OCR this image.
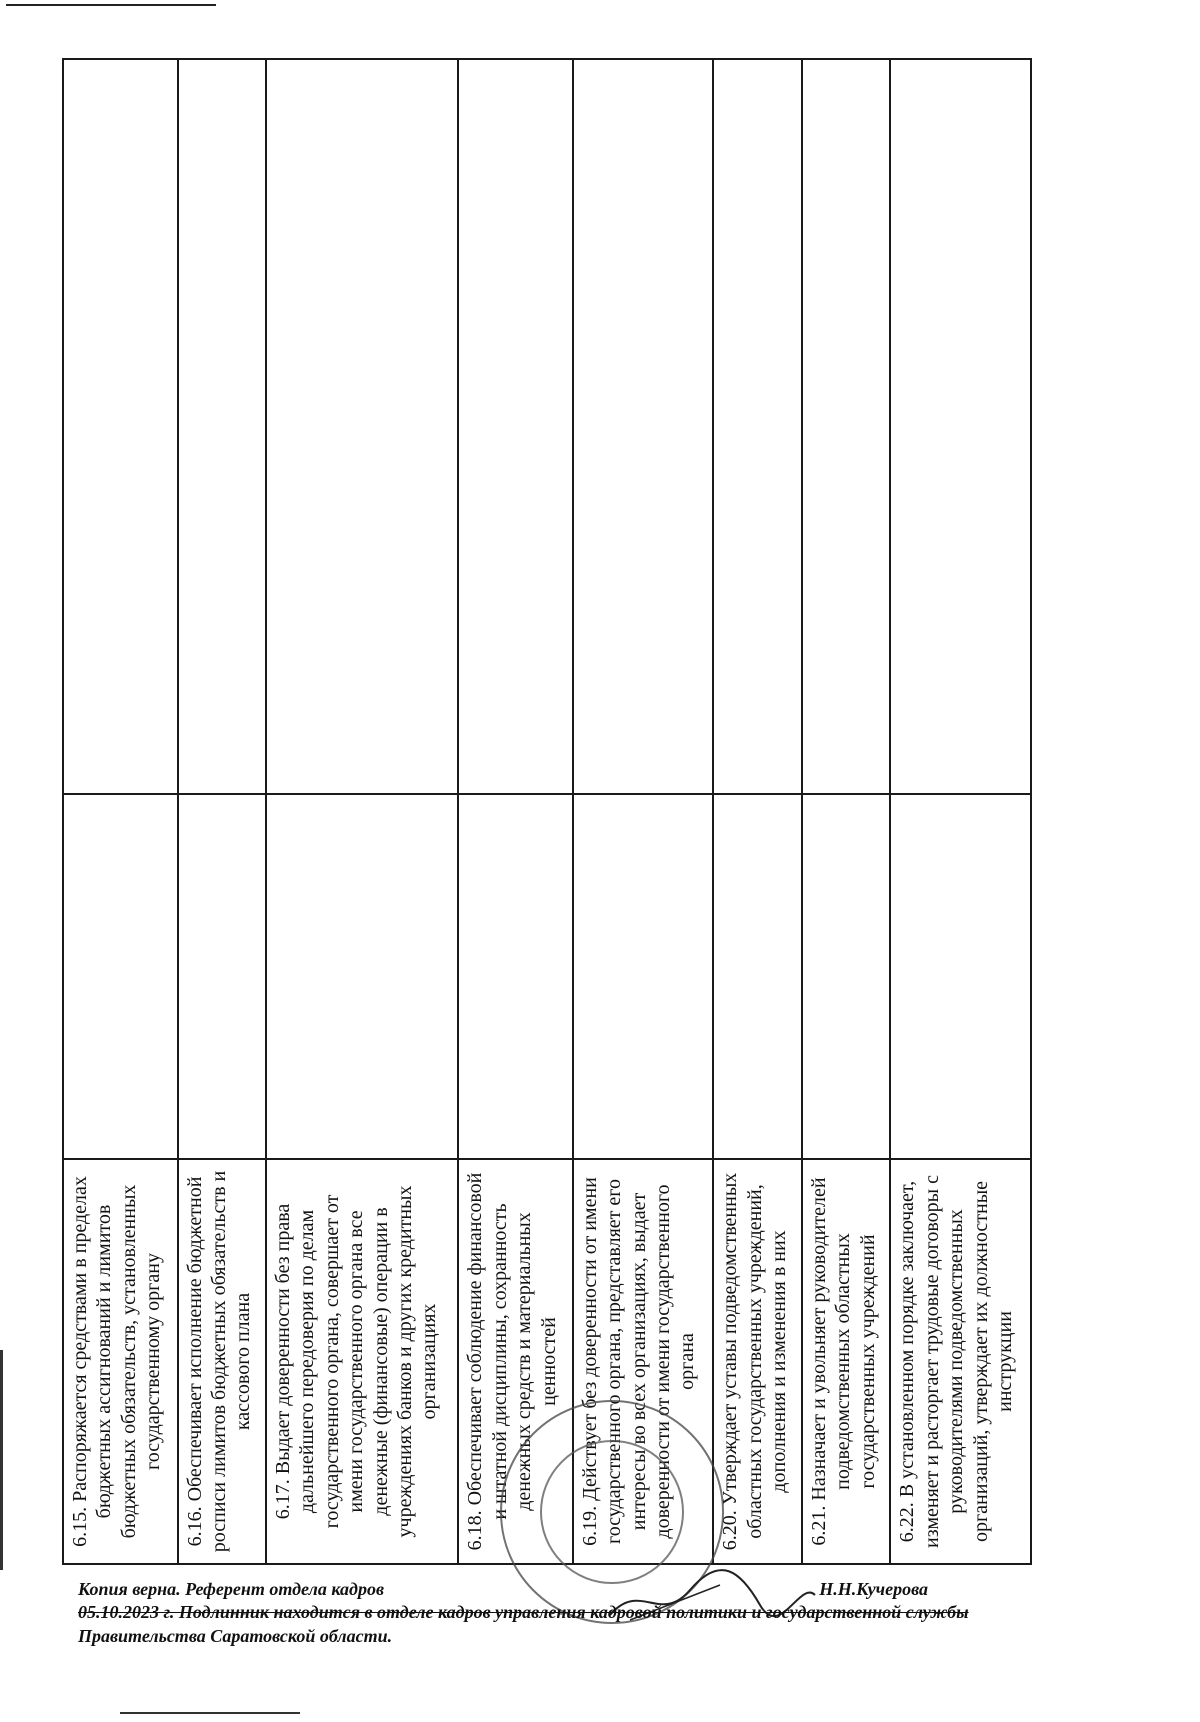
6.15. Распоряжается средствами в пределах бюджетных ассигнований и лимитов бюджетных обязательств, установленных государственному органу		
6.16. Обеспечивает исполнение бюджетной росписи лимитов бюджетных обязательств и кассового плана		
6.17. Выдает доверенности без права дальнейшего передоверия по делам государственного органа, совершает от имени государственного органа все денежные (финансовые) операции в учреждениях банков и других кредитных организациях		
6.18. Обеспечивает соблюдение финансовой и штатной дисциплины, сохранность денежных средств и материальных ценностей		
6.19. Действует без доверенности от имени государственного органа, представляет его интересы во всех организациях, выдает доверенности от имени государственного органа		
6.20. Утверждает уставы подведомственных областных государственных учреждений, дополнения и изменения в них		
6.21. Назначает и увольняет руководителей подведомственных областных государственных учреждений		
6.22. В установленном порядке заключает, изменяет и расторгает трудовые договоры с руководителями подведомственных организаций, утверждает их должностные инструкции		
Копия верна. Референт отдела кадров	Н.Н.Кучерова
05.10.2023 г. Подлинник находится в отделе кадров управления кадровой политики и государственной службы
Правительства Саратовской области.
